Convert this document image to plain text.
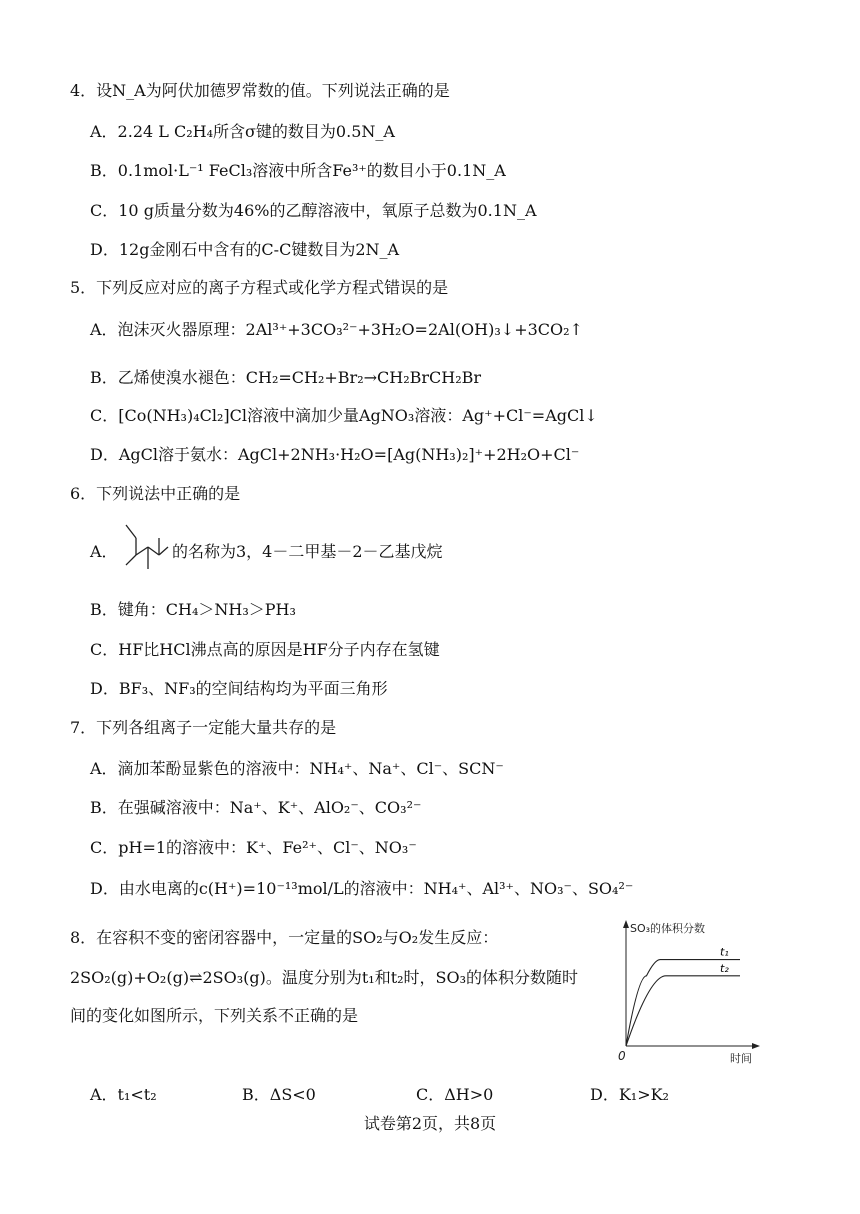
4．设N_A为阿伏加德罗常数的值。下列说法正确的是
A．2.24 L C₂H₄所含σ键的数目为0.5N_A
B．0.1mol·L⁻¹ FeCl₃溶液中所含Fe³⁺的数目小于0.1N_A
C．10 g质量分数为46%的乙醇溶液中，氧原子总数为0.1N_A
D．12g金刚石中含有的C-C键数目为2N_A
5．下列反应对应的离子方程式或化学方程式错误的是
A．泡沫灭火器原理：2Al³⁺+3CO₃²⁻+3H₂O=2Al(OH)₃↓+3CO₂↑
B．乙烯使溴水褪色：CH₂=CH₂+Br₂→CH₂BrCH₂Br
C．[Co(NH₃)₄Cl₂]Cl溶液中滴加少量AgNO₃溶液：Ag⁺+Cl⁻=AgCl↓
D．AgCl溶于氨水：AgCl+2NH₃·H₂O=[Ag(NH₃)₂]⁺+2H₂O+Cl⁻
6．下列说法中正确的是
A．	的名称为3，4－二甲基－2－乙基戊烷
B．键角：CH₄＞NH₃＞PH₃
C．HF比HCl沸点高的原因是HF分子内存在氢键
D．BF₃、NF₃的空间结构均为平面三角形
7．下列各组离子一定能大量共存的是
A．滴加苯酚显紫色的溶液中：NH₄⁺、Na⁺、Cl⁻、SCN⁻
B．在强碱溶液中：Na⁺、K⁺、AlO₂⁻、CO₃²⁻
C．pH=1的溶液中：K⁺、Fe²⁺、Cl⁻、NO₃⁻
D．由水电离的c(H⁺)=10⁻¹³mol/L的溶液中：NH₄⁺、Al³⁺、NO₃⁻、SO₄²⁻
8．在容积不变的密闭容器中，一定量的SO₂与O₂发生反应：
2SO₂(g)+O₂(g)⇌2SO₃(g)。温度分别为t₁和t₂时，SO₃的体积分数随时
间的变化如图所示，下列关系不正确的是
SO₃的体积分数
时间
0
t₁
t₂
A．t₁<t₂	B．ΔS<0	C．ΔH>0	D．K₁>K₂
试卷第2页，共8页
